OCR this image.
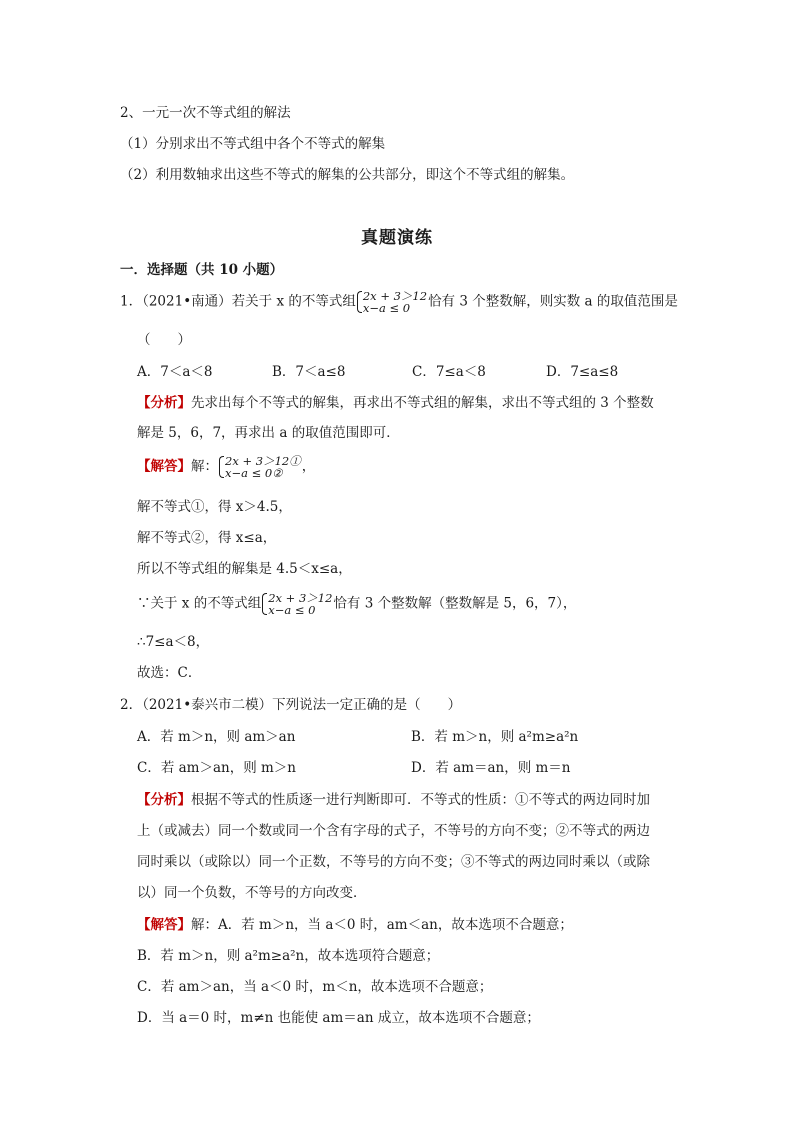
2、一元一次不等式组的解法
（1）分别求出不等式组中各个不等式的解集
（2）利用数轴求出这些不等式的解集的公共部分，即这个不等式组的解集。
真题演练
一．选择题（共 10 小题）
1．（2021•南通）若关于 x 的不等式组 2x + 3＞12
x−a ≤ 0	恰有 3 个整数解，则实数 a 的取值范围是
（　　）
A．7＜a＜8	B．7＜a≤8	C．7≤a＜8	D．7≤a≤8
【分析】先求出每个不等式的解集，再求出不等式组的解集，求出不等式组的 3 个整数
解是 5，6，7，再求出 a 的取值范围即可．
【解答】解： 2x + 3＞12①
x−a ≤ 0②	，
解不等式①，得 x＞4.5，
解不等式②，得 x≤a，
所以不等式组的解集是 4.5＜x≤a，
∵关于 x 的不等式组 2x + 3＞12
x−a ≤ 0	恰有 3 个整数解（整数解是 5，6，7），
∴7≤a＜8，
故选：C．
2．（2021•泰兴市二模）下列说法一定正确的是（　　）
A．若 m＞n，则 am＞an	B．若 m＞n，则 a²m≥a²n
C．若 am＞an，则 m＞n	D．若 am＝an，则 m＝n
【分析】根据不等式的性质逐一进行判断即可．不等式的性质：①不等式的两边同时加
上（或减去）同一个数或同一个含有字母的式子，不等号的方向不变；②不等式的两边
同时乘以（或除以）同一个正数，不等号的方向不变；③不等式的两边同时乘以（或除
以）同一个负数，不等号的方向改变．
【解答】解：A．若 m＞n，当 a＜0 时，am＜an，故本选项不合题意；
B．若 m＞n，则 a²m≥a²n，故本选项符合题意；
C．若 am＞an，当 a＜0 时，m＜n，故本选项不合题意；
D．当 a＝0 时，m≠n 也能使 am＝an 成立，故本选项不合题意；
